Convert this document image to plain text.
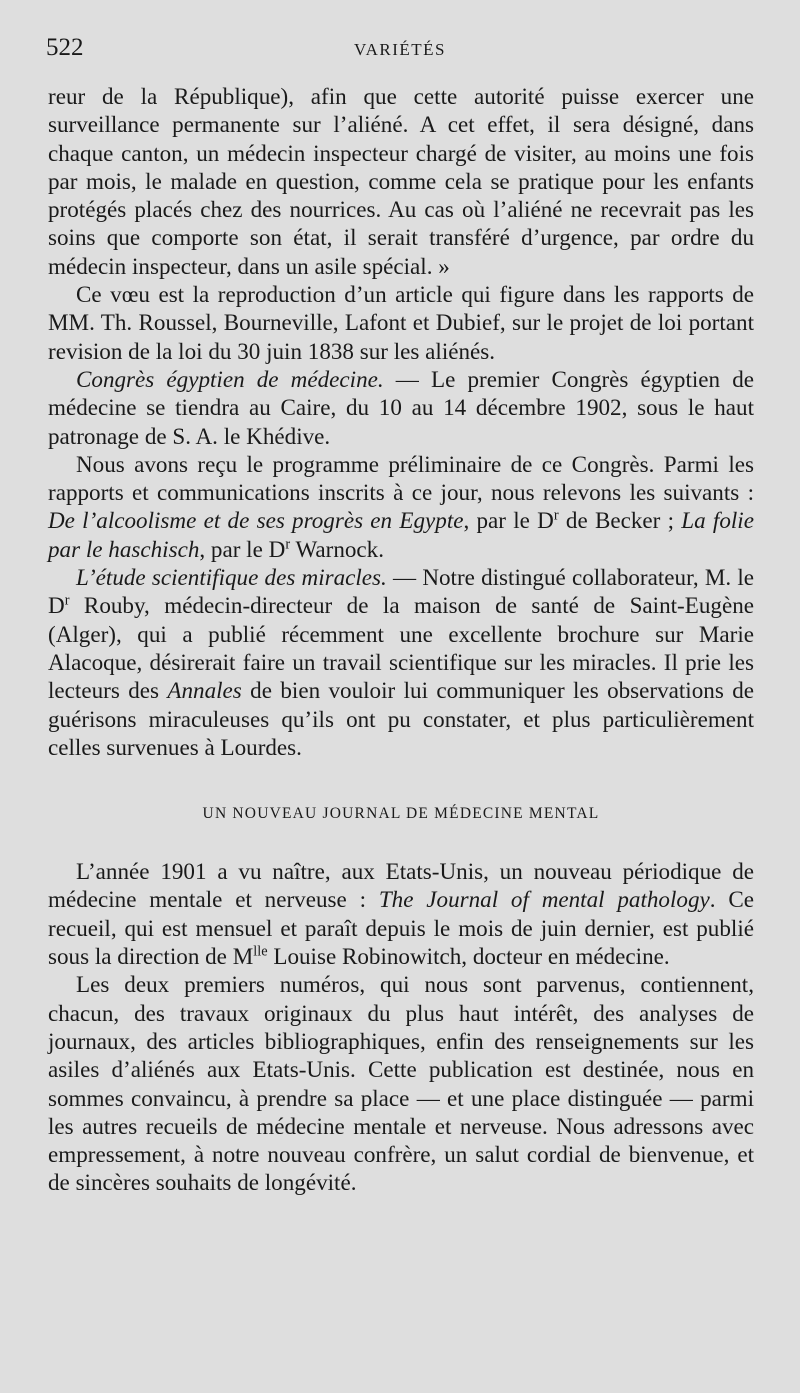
522	VARIÉTÉS

reur de la République), afin que cette autorité puisse exercer une surveillance permanente sur l’aliéné. A cet effet, il sera désigné, dans chaque canton, un médecin inspecteur chargé de visiter, au moins une fois par mois, le malade en question, comme cela se pratique pour les enfants protégés placés chez des nourrices. Au cas où l’aliéné ne recevrait pas les soins que comporte son état, il serait transféré d’urgence, par ordre du médecin inspecteur, dans un asile spécial. »

Ce vœu est la reproduction d’un article qui figure dans les rapports de MM. Th. Roussel, Bourneville, Lafont et Dubief, sur le projet de loi portant revision de la loi du 30 juin 1838 sur les aliénés.

Congrès égyptien de médecine. — Le premier Congrès égyptien de médecine se tiendra au Caire, du 10 au 14 décembre 1902, sous le haut patronage de S. A. le Khédive.

Nous avons reçu le programme préliminaire de ce Congrès. Parmi les rapports et communications inscrits à ce jour, nous relevons les suivants : De l’alcoolisme et de ses progrès en Egypte, par le $D^r$ de Becker ; La folie par le haschisch, par le $D^r$ Warnock.

L’étude scientifique des miracles. — Notre distingué collaborateur, M. le $D^r$ Rouby, médecin-directeur de la maison de santé de Saint-Eugène (Alger), qui a publié récemment une excellente brochure sur Marie Alacoque, désirerait faire un travail scientifique sur les miracles. Il prie les lecteurs des Annales de bien vouloir lui communiquer les observations de guérisons miraculeuses qu’ils ont pu constater, et plus particulièrement celles survenues à Lourdes.

UN NOUVEAU JOURNAL DE MÉDECINE MENTAL

L’année 1901 a vu naître, aux Etats-Unis, un nouveau périodique de médecine mentale et nerveuse : The Journal of mental pathology. Ce recueil, qui est mensuel et paraît depuis le mois de juin dernier, est publié sous la direction de $M^{lle}$ Louise Robinowitch, docteur en médecine.

Les deux premiers numéros, qui nous sont parvenus, contiennent, chacun, des travaux originaux du plus haut intérêt, des analyses de journaux, des articles bibliographiques, enfin des renseignements sur les asiles d’aliénés aux Etats-Unis. Cette publication est destinée, nous en sommes convaincu, à prendre sa place — et une place distinguée — parmi les autres recueils de médecine mentale et nerveuse. Nous adressons avec empressement, à notre nouveau confrère, un salut cordial de bienvenue, et de sincères souhaits de longévité.
